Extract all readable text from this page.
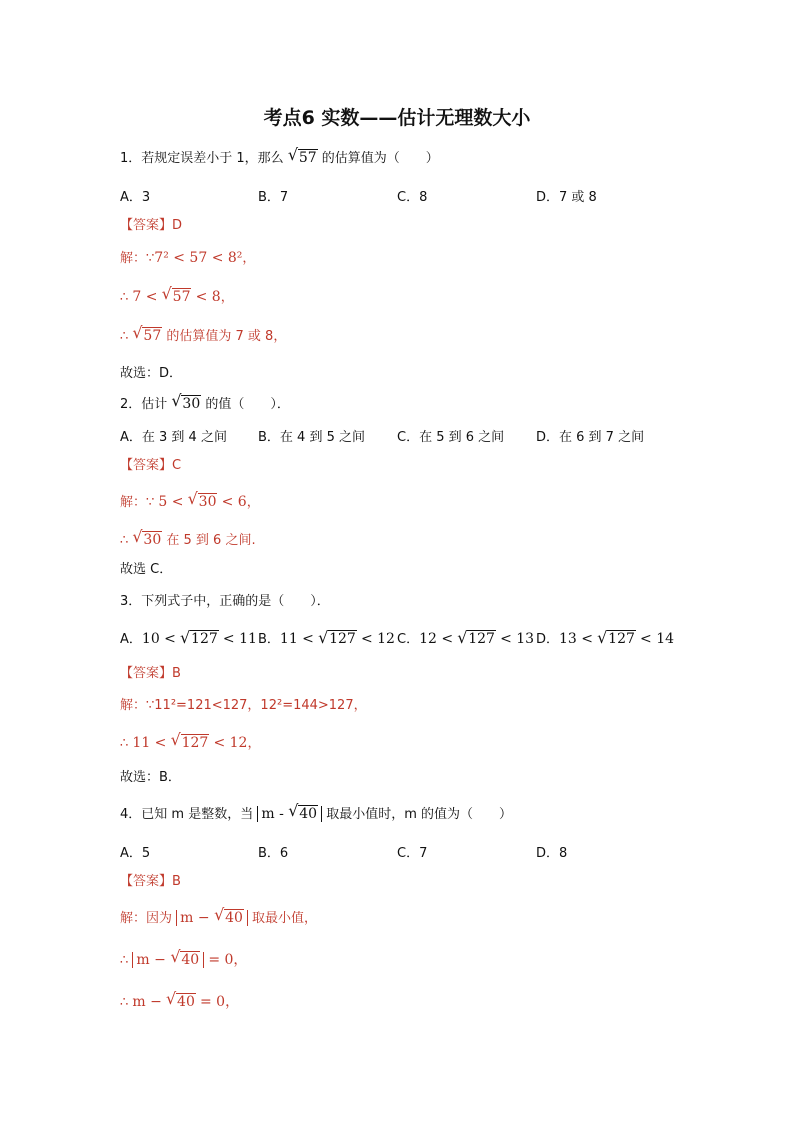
考点6 实数——估计无理数大小
1．若规定误差小于 1，那么 √ 57 的估算值为（　　）
A．3	B．7	C．8	D．7 或 8
【答案】D
解：∵7² < 57 < 8²，
∴ 7 < √ 57 < 8，
∴ √ 57 的估算值为 7 或 8，
故选：D．
2．估计 √ 30 的值（　　）．
A．在 3 到 4 之间 B．在 4 到 5 之间 C．在 5 到 6 之间 D．在 6 到 7 之间
【答案】C
解：∵ 5 < √ 30 < 6，
∴ √ 30 在 5 到 6 之间.
故选 C．
3．下列式子中，正确的是（　　）．
A．10 < √ 127 < 11 B．11 < √ 127 < 12 C．12 < √ 127 < 13 D．13 < √ 127 < 14
【答案】B
解：∵11²=121<127，12²=144>127，
∴ 11 < √ 127 < 12，
故选：B．
4．已知 m 是整数，当 m - √ 40 取最小值时，m 的值为（　　）
A．5	B．6	C．7	D．8
【答案】B
解：因为 m − √ 40 取最小值，
∴ m − √ 40 = 0，
∴ m − √ 40 = 0，
